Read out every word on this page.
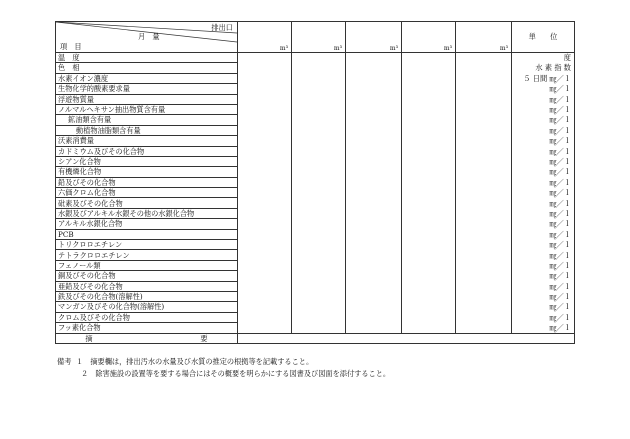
排出口
月　量
項　目	m³	m³	m³	m³	m³	単　　位
温　度						度
色　相						水 素 指 数
水素イオン濃度						５ 日間 ㎎／ｌ
生物化学的酸素要求量						㎎／ｌ
浮遊物質量						㎎／ｌ
ノルマルヘキサン抽出物質含有量						㎎／ｌ
鉱油類含有量						㎎／ｌ
動植物油脂類含有量						㎎／ｌ
沃素消費量						㎎／ｌ
カドミウム及びその化合物						㎎／ｌ
シアン化合物						㎎／ｌ
有機燐化合物						㎎／ｌ
鉛及びその化合物						㎎／ｌ
六価クロム化合物						㎎／ｌ
砒素及びその化合物						㎎／ｌ
水銀及びアルキル水銀その他の水銀化合物						㎎／ｌ
アルキル水銀化合物						㎎／ｌ
PCB						㎎／ｌ
トリクロロエチレン						㎎／ｌ
テトラクロロエチレン						㎎／ｌ
フェノール類						㎎／ｌ
銅及びその化合物						㎎／ｌ
亜鉛及びその化合物						㎎／ｌ
鉄及びその化合物(溶解性)						㎎／ｌ
マンガン及びその化合物(溶解性)						㎎／ｌ
クロム及びその化合物						㎎／ｌ
フッ素化合物						㎎／ｌ
摘　　　　　　　　　　　　　　　要						
備考 １　摘要欄は，排出汚水の水量及び水質の推定の根拠等を記載すること。
２　除害施設の設置等を要する場合にはその概要を明らかにする図書及び図面を添付すること。
